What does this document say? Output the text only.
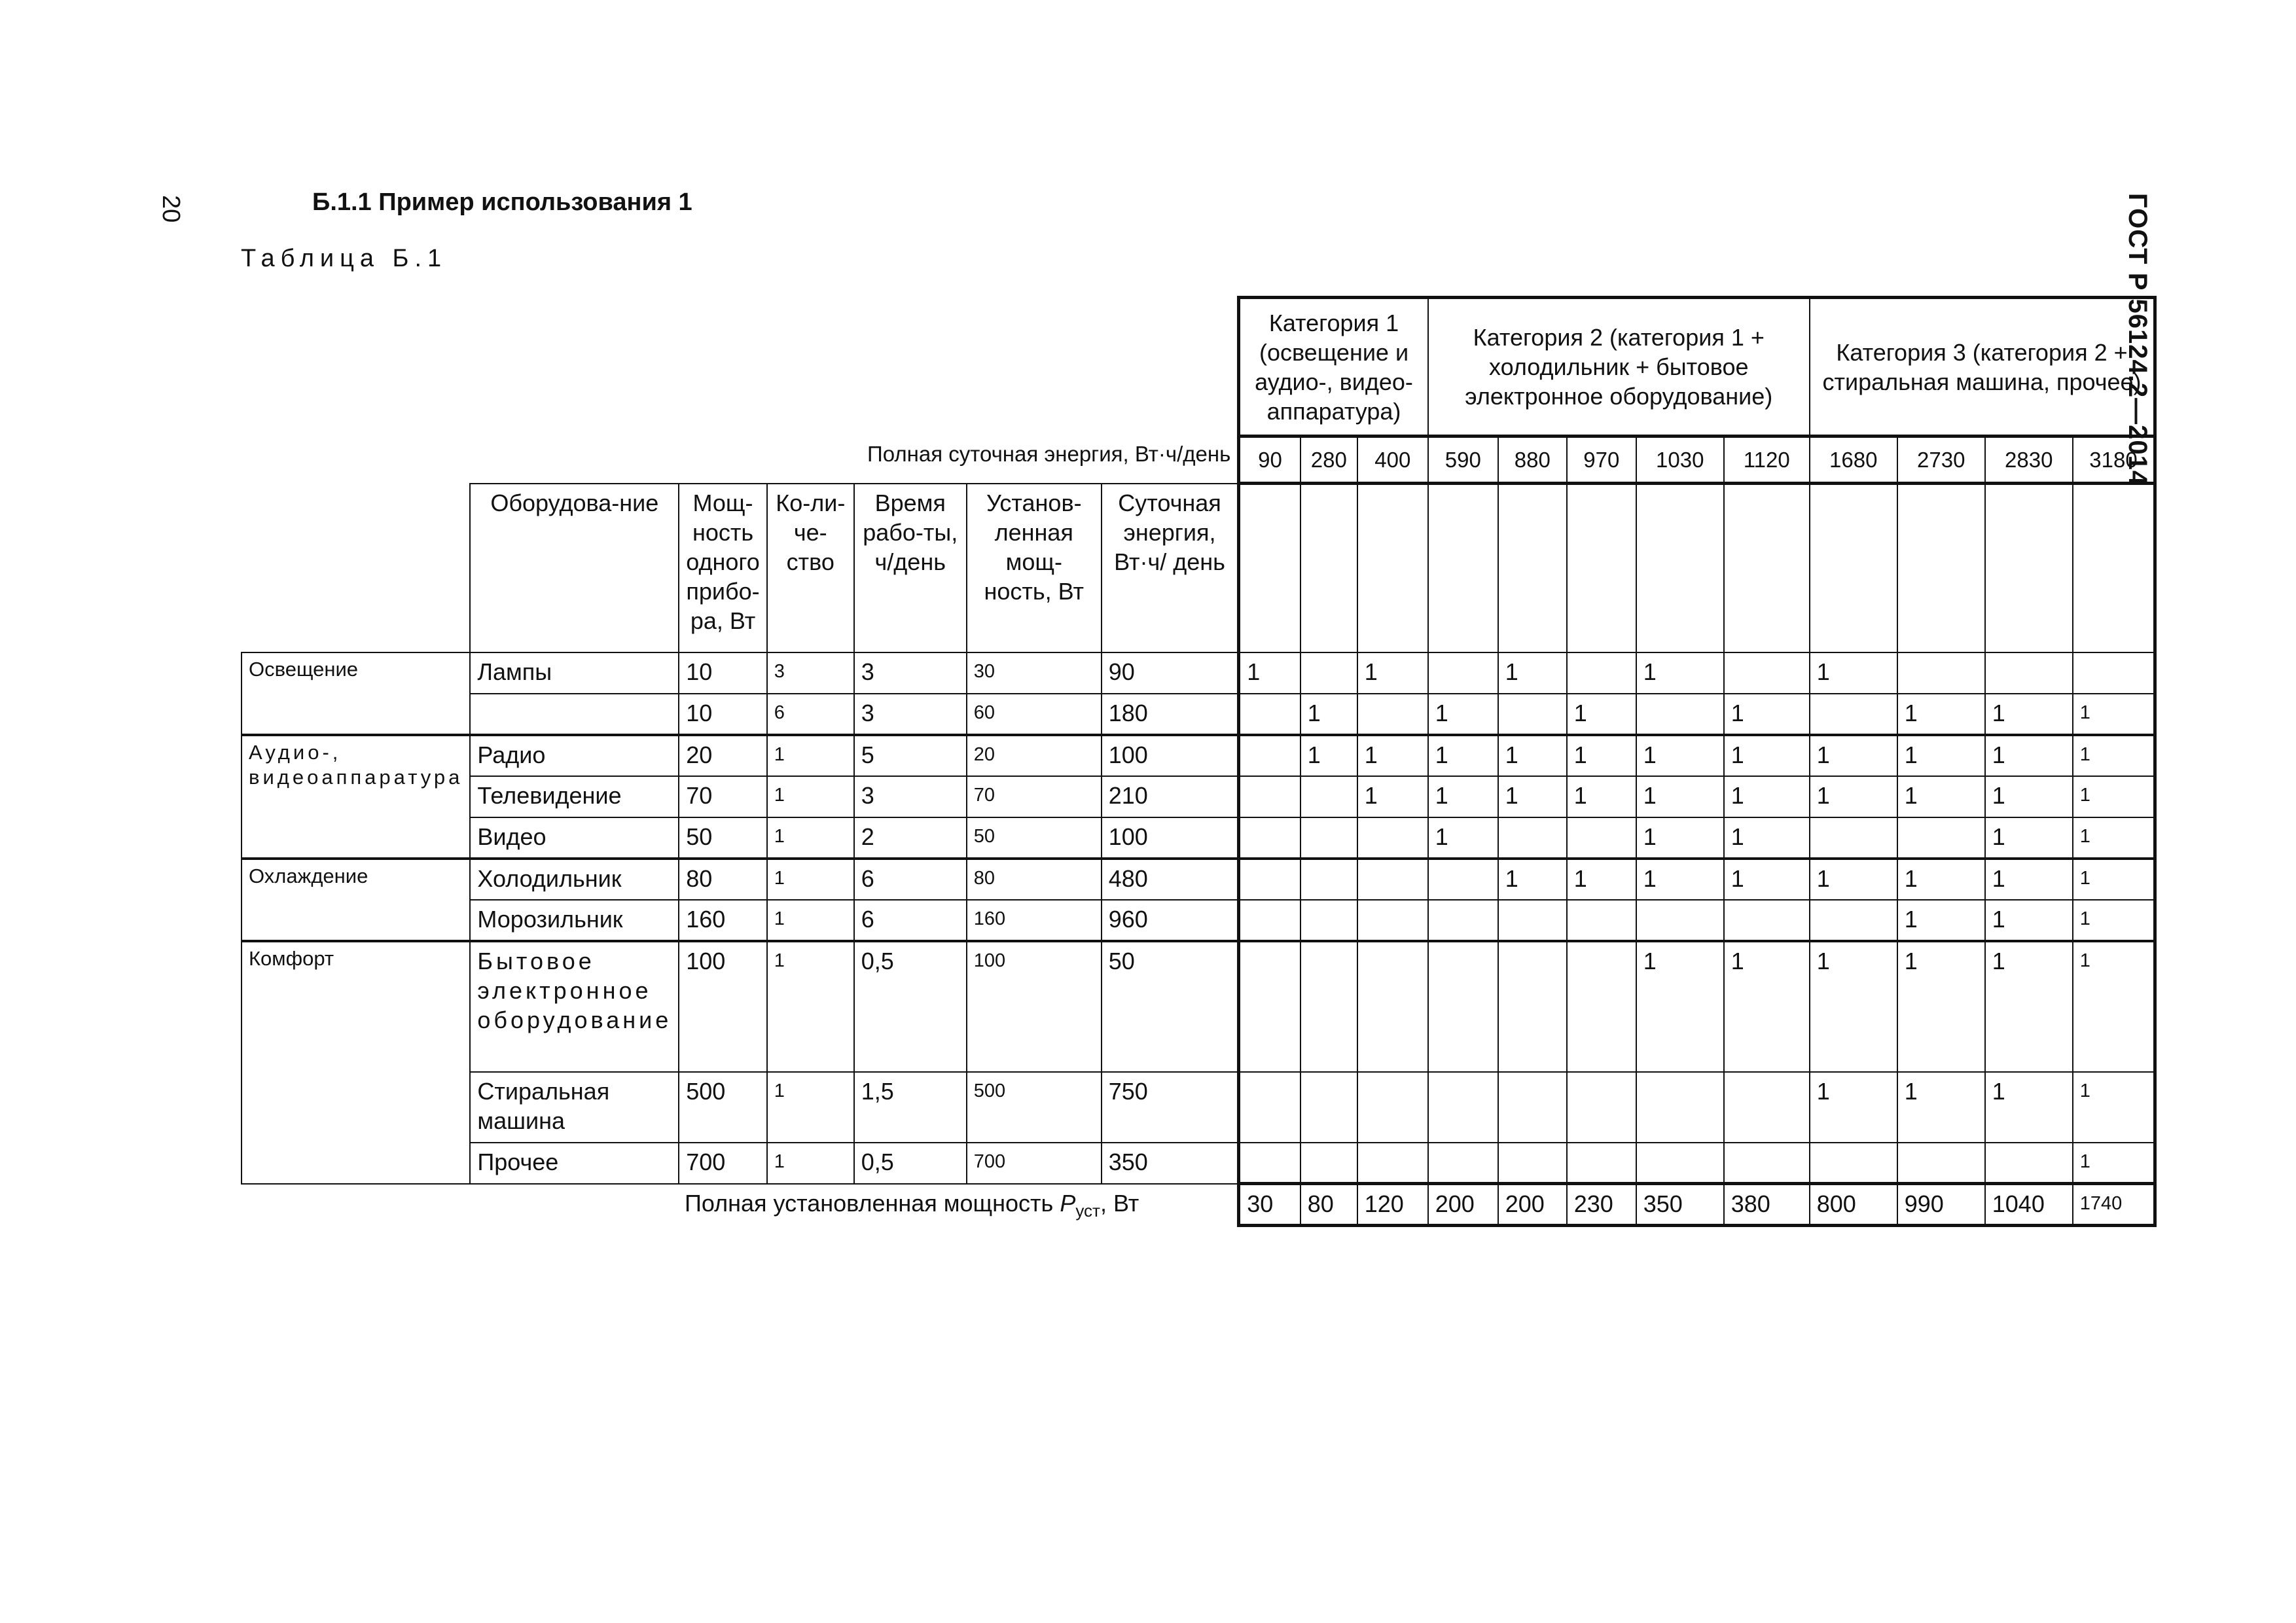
20	ГОСТ Р 56124.2—2014
Б.1.1 Пример использования 1
Таблица Б.1
							Категория 1 (освещение и аудио-, видео-аппаратура)			Категория 2 (категория 1 + холодильник + бытовое электронное оборудование)					Категория 3 (категория 2 + стиральная машина, прочее)			
Полная суточная энергия, Вт·ч/день							90	280	400	590	880	970	1030	1120	1680	2730	2830	3180
	Оборудова-ние	Мощ-ность одного прибо-ра, Вт	Ко-ли-че-ство	Время рабо-ты, ч/день	Установ-ленная мощ-ность, Вт	Суточная энергия, Вт·ч/ день												
Освещение	Лампы	10	3	3	30	90	1		1		1		1		1			
		10	6	3	60	180		1		1		1		1		1	1	1
Аудио-, видеоаппаратура	Радио	20	1	5	20	100		1	1	1	1	1	1	1	1	1	1	1
	Телевидение	70	1	3	70	210			1	1	1	1	1	1	1	1	1	1
	Видео	50	1	2	50	100				1			1	1			1	1
Охлаждение	Холодильник	80	1	6	80	480					1	1	1	1	1	1	1	1
	Морозильник	160	1	6	160	960										1	1	1
Комфорт	Бытовое электронное оборудование	100	1	0,5	100	50							1	1	1	1	1	1
	Стиральная машина	500	1	1,5	500	750									1	1	1	1
	Прочее	700	1	0,5	700	350												1
Полная установленная мощность $P_{уст}$, Вт							30	80	120	200	200	230	350	380	800	990	1040	1740
